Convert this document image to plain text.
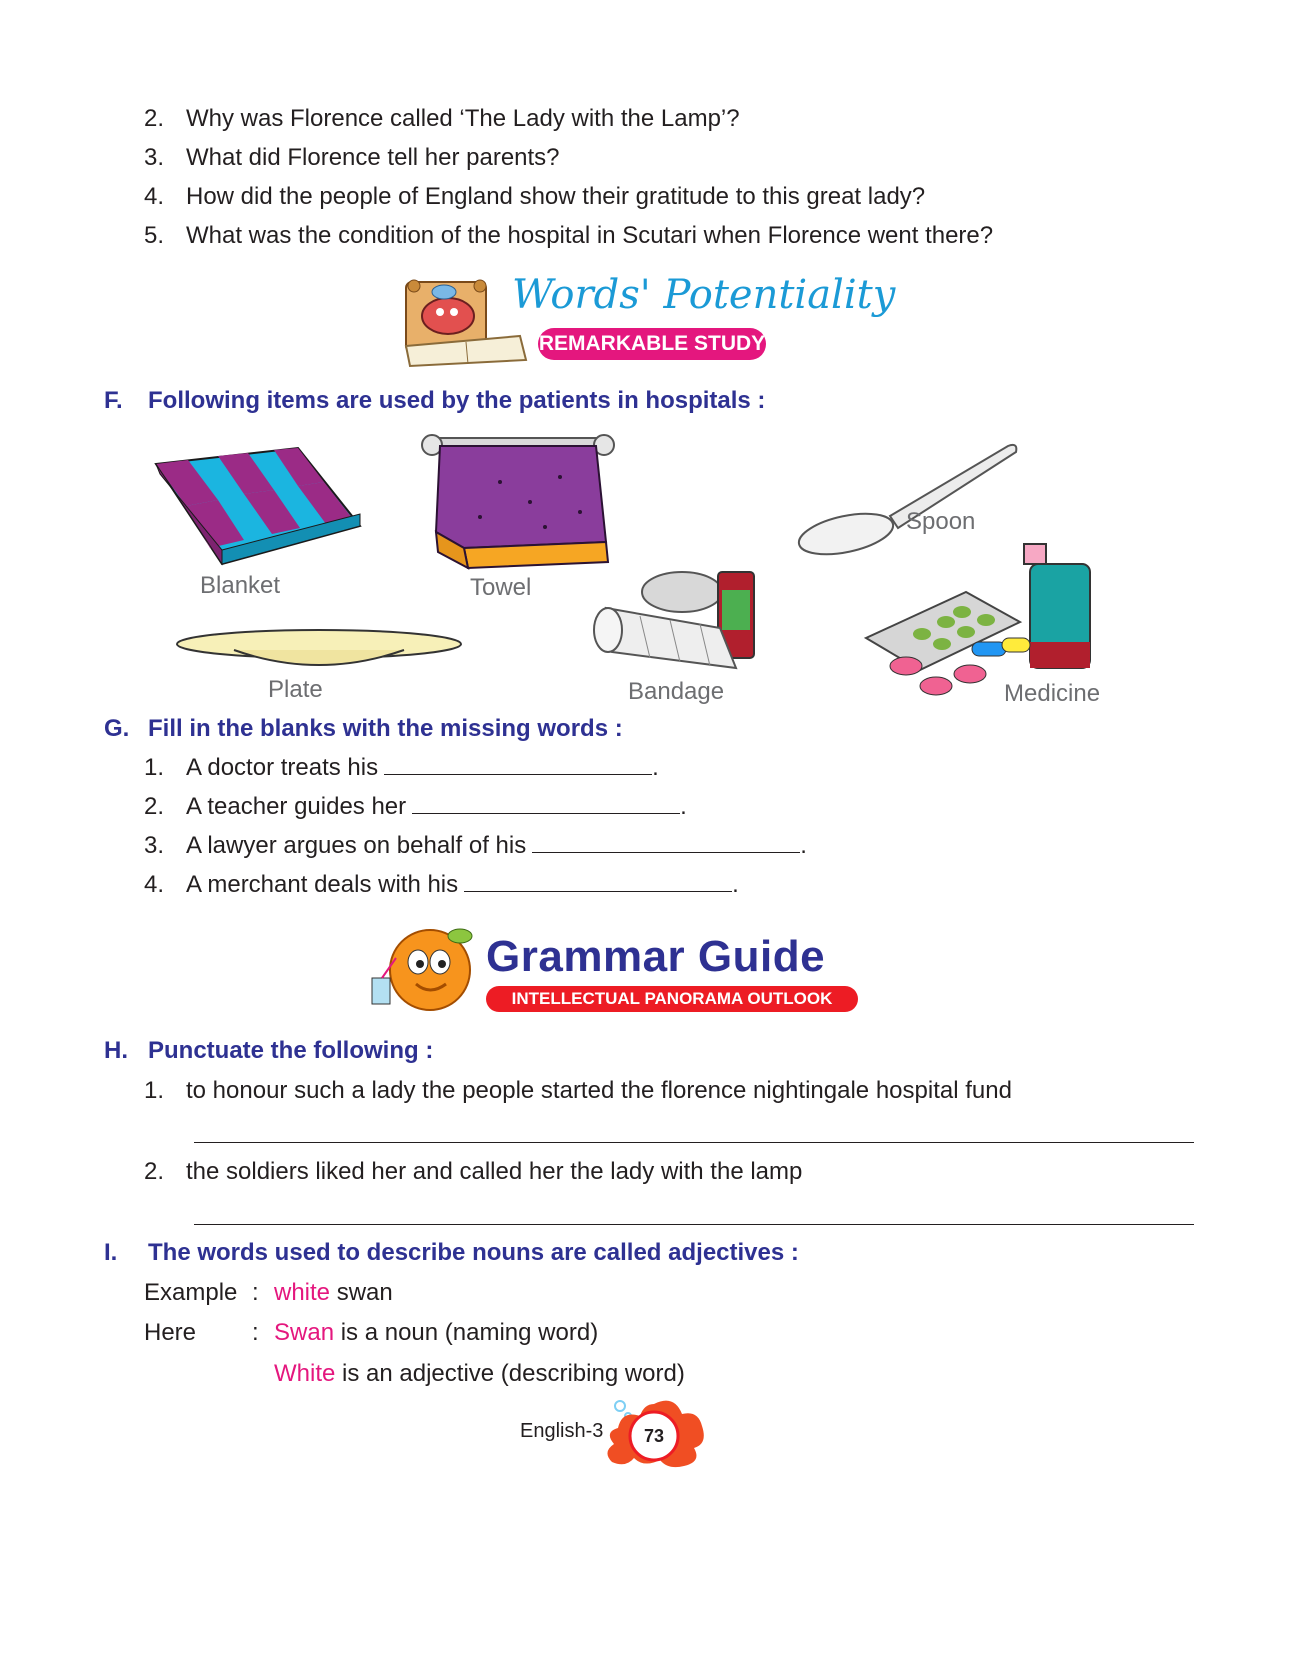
2. Why was Florence called ‘The Lady with the Lamp’?
3. What did Florence tell her parents?
4. How did the people of England show their gratitude to this great lady?
5. What was the condition of the hospital in Scutari when Florence went there?
Words' Potentiality
REMARKABLE STUDY
F. Following items are used by the patients in hospitals :
Blanket	Towel
Spoon
Plate	Bandage	Medicine
G. Fill in the blanks with the missing words :
1. A doctor treats his	.
2. A teacher guides her	.
3. A lawyer argues on behalf of his	.
4. A merchant deals with his	.
Grammar Guide
INTELLECTUAL PANORAMA OUTLOOK
H. Punctuate the following :
1. to honour such a lady the people started the florence nightingale hospital fund
2. the soldiers liked her and called her the lady with the lamp
I. The words used to describe nouns are called adjectives :
Example : white swan
Here : Swan is a noun (naming word)
White is an adjective (describing word)
English-3	73
